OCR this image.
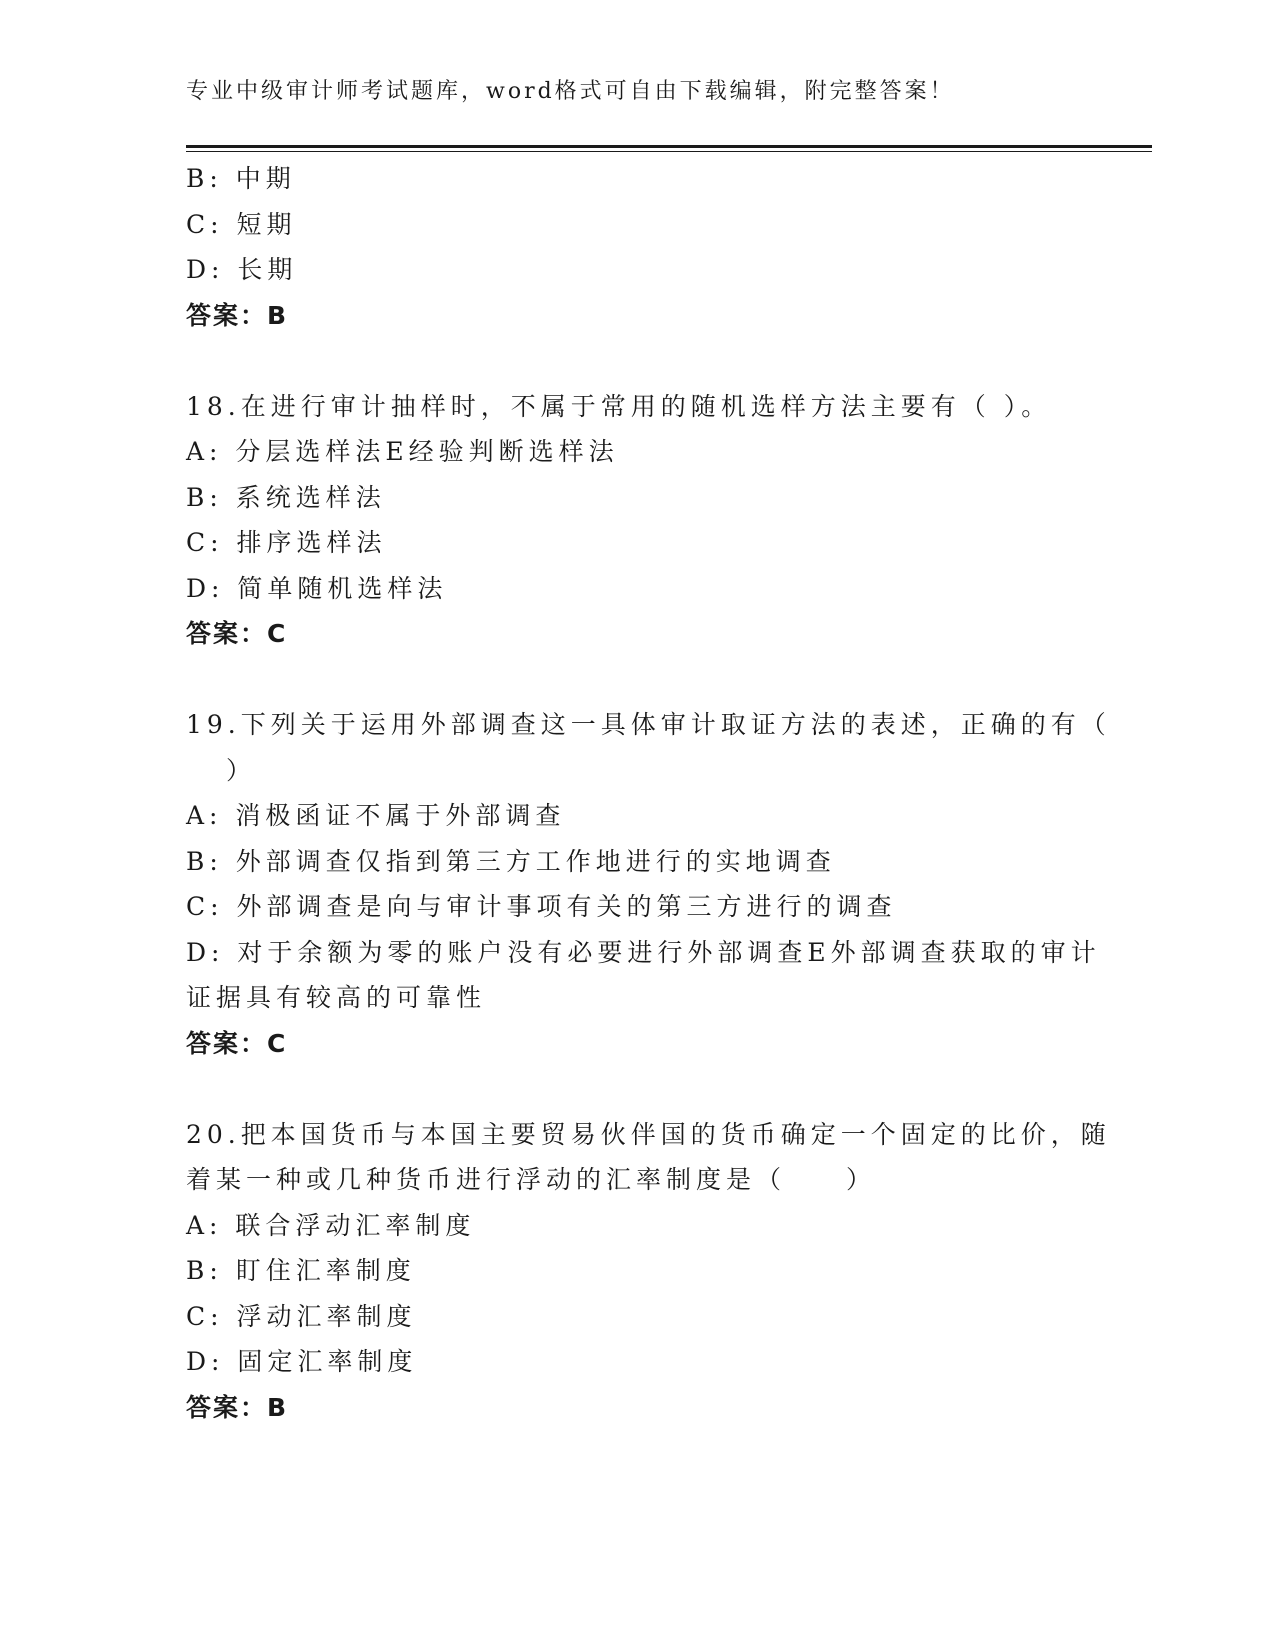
专业中级审计师考试题库，word格式可自由下载编辑，附完整答案！
B: 中期
C: 短期
D: 长期
答案：B
18.在进行审计抽样时，不属于常用的随机选样方法主要有（ ）。
A: 分层选样法E经验判断选样法
B: 系统选样法
C: 排序选样法
D: 简单随机选样法
答案：C
19.下列关于运用外部调查这一具体审计取证方法的表述，正确的有（
）
A: 消极函证不属于外部调查
B: 外部调查仅指到第三方工作地进行的实地调查
C: 外部调查是向与审计事项有关的第三方进行的调查
D: 对于余额为零的账户没有必要进行外部调查E外部调查获取的审计
证据具有较高的可靠性
答案：C
20.把本国货币与本国主要贸易伙伴国的货币确定一个固定的比价，随
着某一种或几种货币进行浮动的汇率制度是（　　）
A: 联合浮动汇率制度
B: 盯住汇率制度
C: 浮动汇率制度
D: 固定汇率制度
答案：B
